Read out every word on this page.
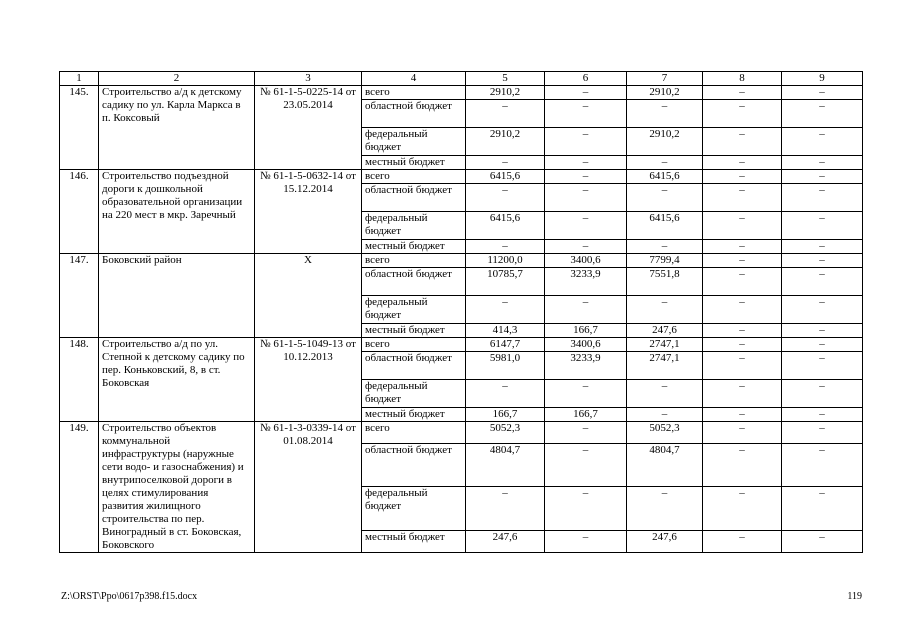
1	2	3	4	5	6	7	8	9
145.	Строительство а/д к детскому садику по ул. Карла Маркса в п. Коксовый	№ 61-1-5-0225-14 от 23.05.2014	всего	2910,2	–	2910,2	–	–
			областной бюджет	–	–	–	–	–
			федеральный бюджет	2910,2	–	2910,2	–	–
			местный бюджет	–	–	–	–	–
146.	Строительство подъездной дороги к дошкольной образовательной организации на 220 мест в мкр. Заречный	№ 61-1-5-0632-14 от 15.12.2014	всего	6415,6	–	6415,6	–	–
			областной бюджет	–	–	–	–	–
			федеральный бюджет	6415,6	–	6415,6	–	–
			местный бюджет	–	–	–	–	–
147.	Боковский район	Х	всего	11200,0	3400,6	7799,4	–	–
			областной бюджет	10785,7	3233,9	7551,8	–	–
			федеральный бюджет	–	–	–	–	–
			местный бюджет	414,3	166,7	247,6	–	–
148.	Строительство а/д по ул. Степной к детскому садику по пер. Коньковский, 8, в ст. Боковская	№ 61-1-5-1049-13 от 10.12.2013	всего	6147,7	3400,6	2747,1	–	–
			областной бюджет	5981,0	3233,9	2747,1	–	–
			федеральный бюджет	–	–	–	–	–
			местный бюджет	166,7	166,7	–	–	–
149.	Строительство объектов коммунальной инфраструктуры (наружные сети водо- и газоснабжения) и внутрипоселковой дороги в целях стимулирования развития жилищного строительства по пер. Виноградный в ст. Боковская, Боковского	№ 61-1-3-0339-14 от 01.08.2014	всего	5052,3	–	5052,3	–	–
			областной бюджет	4804,7	–	4804,7	–	–
			федеральный бюджет	–	–	–	–	–
			местный бюджет	247,6	–	247,6	–	–
Z:\ORST\Ppo\0617p398.f15.docx	119
